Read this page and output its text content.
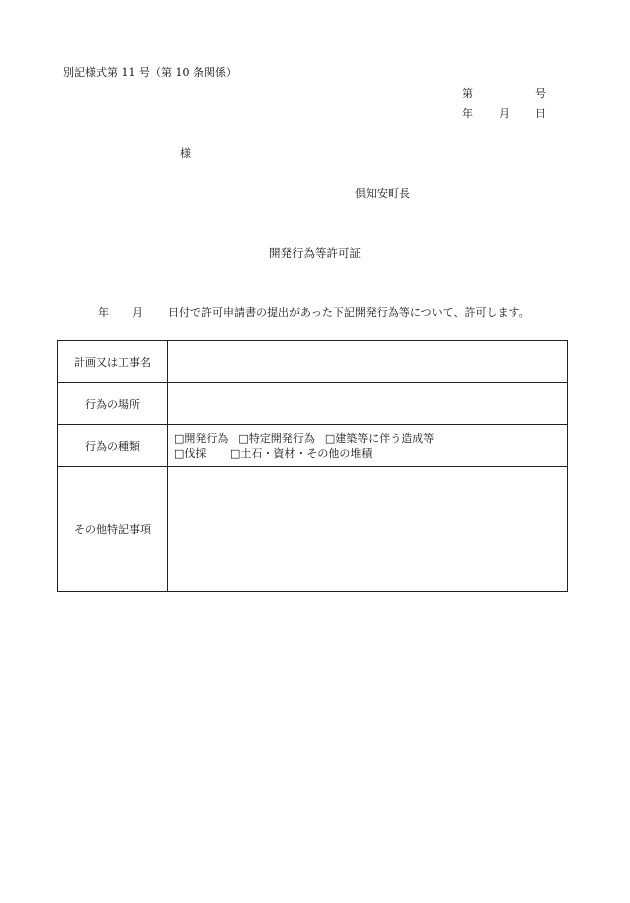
別記様式第 11 号（第 10 条関係）
第	号
年 月 日
様
倶知安町長
開発行為等許可証
年 月 日付で許可申請書の提出があった下記開発行為等について、許可します。
計画又は工事名	
行為の場所	
行為の種類	□開発行為 □特定開発行為 □建築等に伴う造成等
□伐採 □土石・資材・その他の堆積

その他特記事項	
